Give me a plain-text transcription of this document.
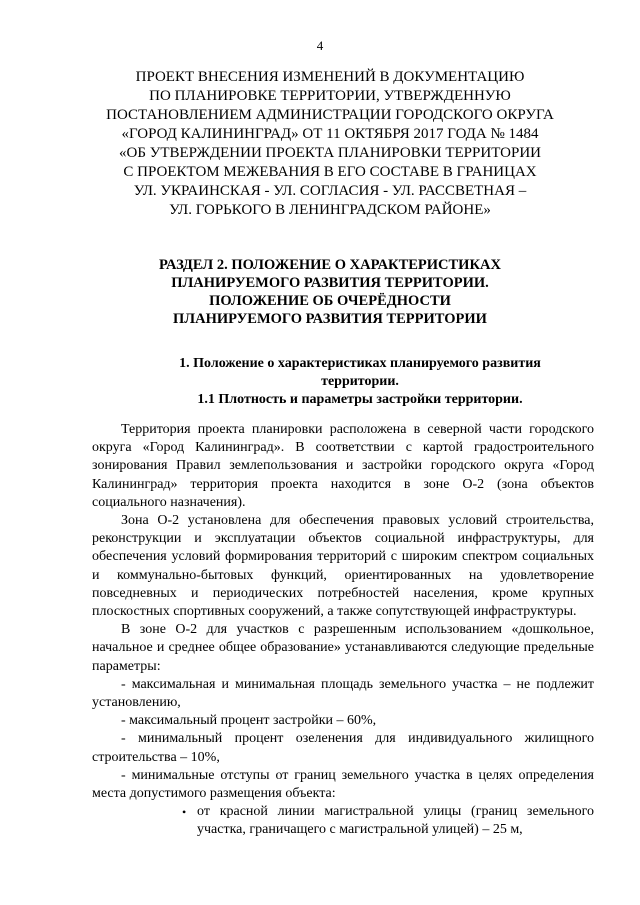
4
ПРОЕКТ ВНЕСЕНИЯ ИЗМЕНЕНИЙ В ДОКУМЕНТАЦИЮ
ПО ПЛАНИРОВКЕ ТЕРРИТОРИИ, УТВЕРЖДЕННУЮ
ПОСТАНОВЛЕНИЕМ АДМИНИСТРАЦИИ ГОРОДСКОГО ОКРУГА
«ГОРОД КАЛИНИНГРАД» ОТ 11 ОКТЯБРЯ 2017 ГОДА № 1484
«ОБ УТВЕРЖДЕНИИ ПРОЕКТА ПЛАНИРОВКИ ТЕРРИТОРИИ
С ПРОЕКТОМ МЕЖЕВАНИЯ В ЕГО СОСТАВЕ В ГРАНИЦАХ
УЛ. УКРАИНСКАЯ - УЛ. СОГЛАСИЯ - УЛ. РАССВЕТНАЯ –
УЛ. ГОРЬКОГО В ЛЕНИНГРАДСКОМ РАЙОНЕ»
РАЗДЕЛ 2. ПОЛОЖЕНИЕ О ХАРАКТЕРИСТИКАХ
ПЛАНИРУЕМОГО РАЗВИТИЯ ТЕРРИТОРИИ.
ПОЛОЖЕНИЕ ОБ ОЧЕРЁДНОСТИ
ПЛАНИРУЕМОГО РАЗВИТИЯ ТЕРРИТОРИИ
1. Положение о характеристиках планируемого развития
территории.
1.1 Плотность и параметры застройки территории.

Территория проекта планировки расположена в северной части городского округа «Город Калининград». В соответствии с картой градостроительного зонирования Правил землепользования и застройки городского округа «Город Калининград» территория проекта находится в зоне О-2 (зона объектов социального назначения).

Зона О-2 установлена для обеспечения правовых условий строительства, реконструкции и эксплуатации объектов социальной инфраструктуры, для обеспечения условий формирования территорий с широким спектром социальных и коммунально-бытовых функций, ориентированных на удовлетворение повседневных и периодических потребностей населения, кроме крупных плоскостных спортивных сооружений, а также сопутствующей инфраструктуры.

В зоне О-2 для участков с разрешенным использованием «дошкольное, начальное и среднее общее образование» устанавливаются следующие предельные параметры:

- максимальная и минимальная площадь земельного участка – не подлежит установлению,

- максимальный процент застройки – 60%,

- минимальный процент озеленения для индивидуального жилищного строительства – 10%,

- минимальные отступы от границ земельного участка в целях определения места допустимого размещения объекта:

• от красной линии магистральной улицы (границ земельного участка, граничащего с магистральной улицей) – 25 м,
